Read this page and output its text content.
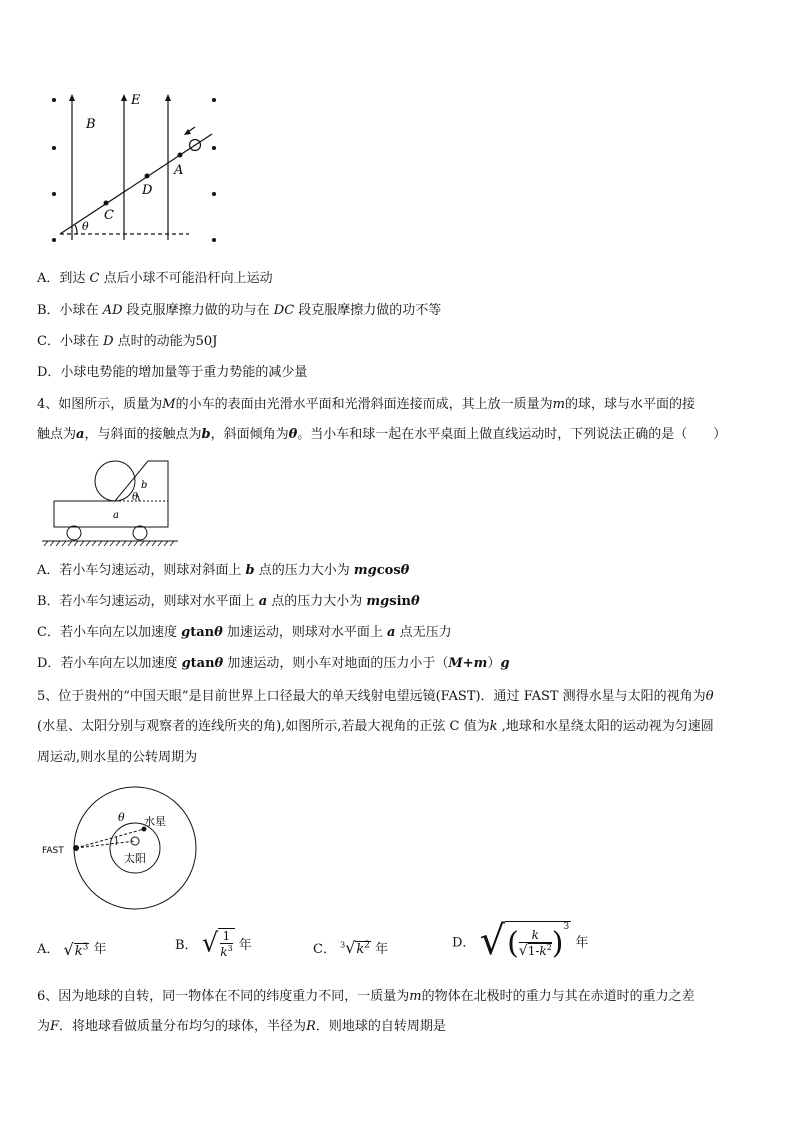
E
B
A
D
C
θ
A．到达 C 点后小球不可能沿杆向上运动
B．小球在 AD 段克服摩擦力做的功与在 DC 段克服摩擦力做的功不等
C．小球在 D 点时的动能为50J
D．小球电势能的增加量等于重力势能的减少量
4、如图所示，质量为M的小车的表面由光滑水平面和光滑斜面连接而成，其上放一质量为m的球，球与水平面的接
触点为a，与斜面的接触点为b，斜面倾角为θ。当小车和球一起在水平桌面上做直线运动时，下列说法正确的是（　　）
b
θ
a
A．若小车匀速运动，则球对斜面上 b 点的压力大小为 mgcosθ
B．若小车匀速运动，则球对水平面上 a 点的压力大小为 mgsinθ
C．若小车向左以加速度 gtanθ 加速运动，则球对水平面上 a 点无压力
D．若小车向左以加速度 gtanθ 加速运动，则小车对地面的压力小于（M+m）g
5、位于贵州的“中国天眼”是目前世界上口径最大的单天线射电望远镜(FAST)．通过 FAST 测得水星与太阳的视角为θ
(水星、太阳分别与观察者的连线所夹的角),如图所示,若最大视角的正弦 C 值为k ,地球和水星绕太阳的运动视为匀速圆
周运动,则水星的公转周期为
θ 水星
太阳
FAST
A． $√k^3$ 年	B． √ $\frac{1}{k^3}$ 年	C． $^3√k^2$ 年	D． √( $\frac{k}{√1-k^2} )^3$ 年
6、因为地球的自转，同一物体在不同的纬度重力不同，一质量为m的物体在北极时的重力与其在赤道时的重力之差
为F．将地球看做质量分布均匀的球体，半径为R．则地球的自转周期是
